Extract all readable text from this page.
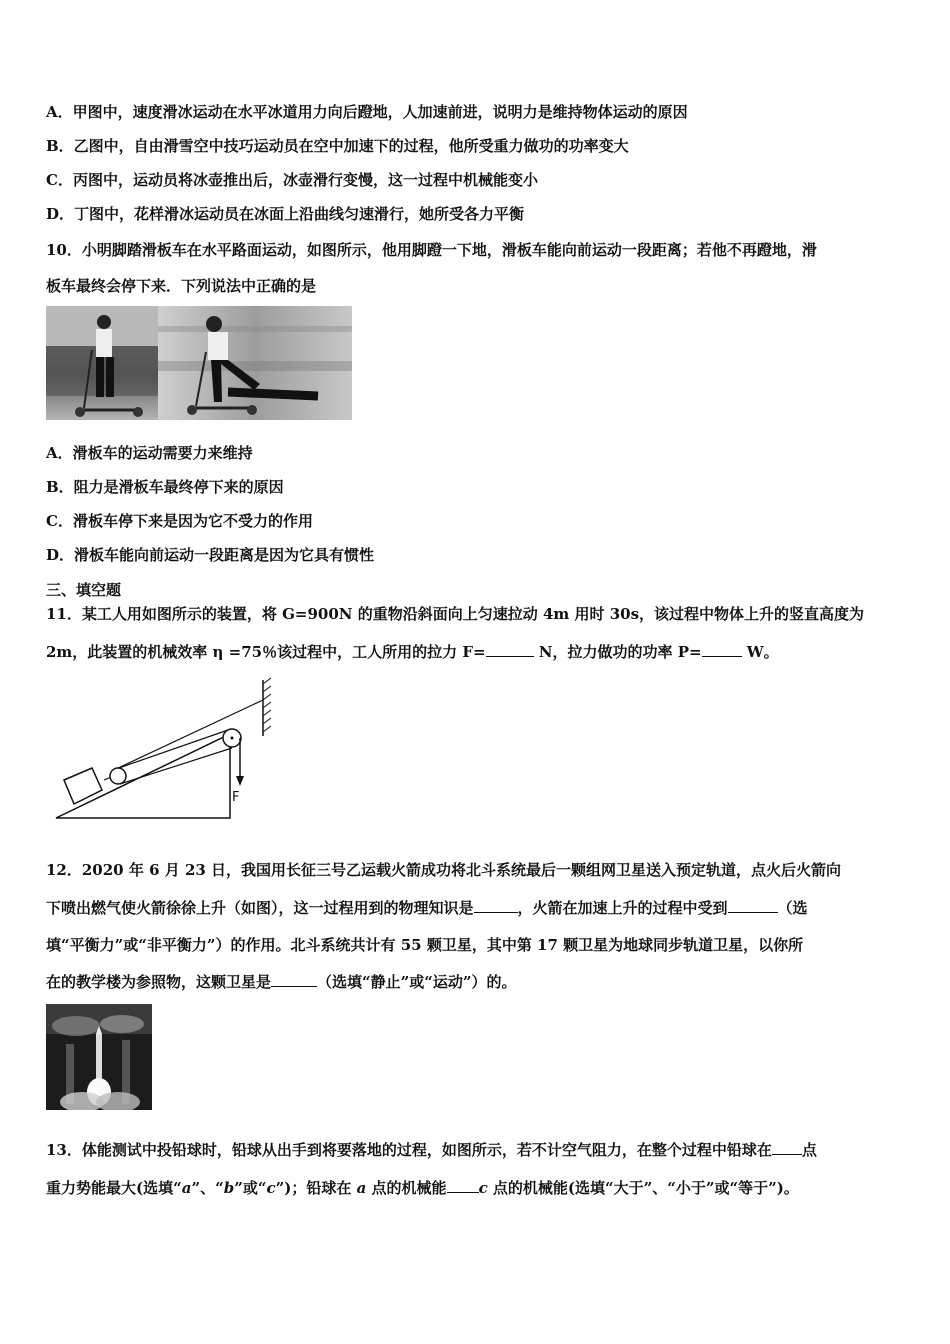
A．甲图中，速度滑冰运动在水平冰道用力向后蹬地，人加速前进，说明力是维持物体运动的原因
B．乙图中，自由滑雪空中技巧运动员在空中加速下的过程，他所受重力做功的功率变大
C．丙图中，运动员将冰壶推出后，冰壶滑行变慢，这一过程中机械能变小
D．丁图中，花样滑冰运动员在冰面上沿曲线匀速滑行，她所受各力平衡
10．小明脚踏滑板车在水平路面运动，如图所示，他用脚蹬一下地，滑板车能向前运动一段距离；若他不再蹬地，滑
板车最终会停下来．下列说法中正确的是
A．滑板车的运动需要力来维持
B．阻力是滑板车最终停下来的原因
C．滑板车停下来是因为它不受力的作用
D．滑板车能向前运动一段距离是因为它具有惯性
三、填空题
11．某工人用如图所示的装置，将 G=900N 的重物沿斜面向上匀速拉动 4m 用时 30s，该过程中物体上升的竖直高度为
2m，此装置的机械效率 η =75％该过程中，工人所用的拉力 F=	N，拉力做功的功率 P=	W。
F
12．2020 年 6 月 23 日，我国用长征三号乙运载火箭成功将北斗系统最后一颗组网卫星送入预定轨道，点火后火箭向
下喷出燃气使火箭徐徐上升（如图），这一过程用到的物理知识是	，火箭在加速上升的过程中受到	（选
填“平衡力”或“非平衡力”）的作用。北斗系统共计有 55 颗卫星，其中第 17 颗卫星为地球同步轨道卫星，以你所
在的教学楼为参照物，这颗卫星是	（选填“静止”或“运动”）的。
13．体能测试中投铅球时，铅球从出手到将要落地的过程，如图所示，若不计空气阻力，在整个过程中铅球在 点
重力势能最大(选填“a”、“b”或“c”)；铅球在 a 点的机械能 c 点的机械能(选填“大于”、“小于”或“等于”)。
